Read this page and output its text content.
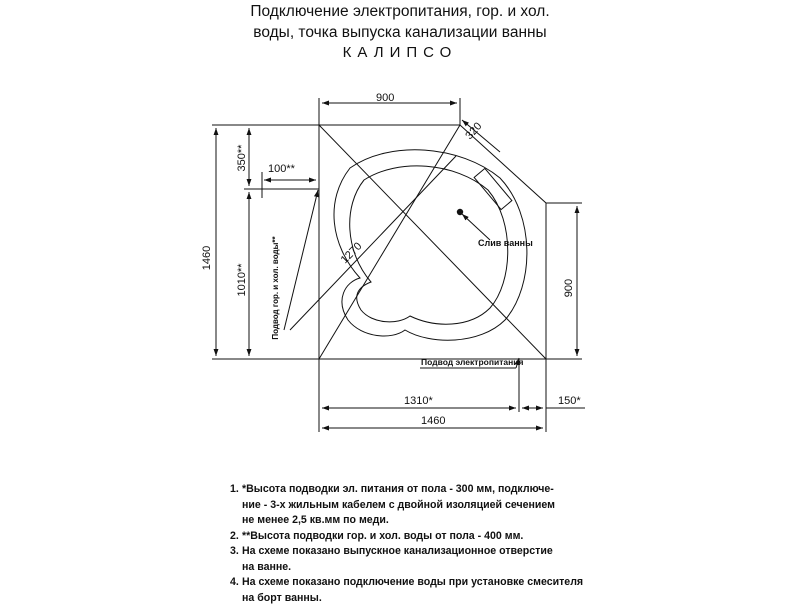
Подключение электропитания, гор. и хол.
воды, точка выпуска канализации ванны
КАЛИПСО
900
320
1460
350**
1010**
100**
1270
900
1310*	150*
1460
Слив ванны
Подвод электропитания
Подвод гор. и хол. воды**
1. *Высота подводки эл. питания от пола - 300 мм, подключе-
ние - 3-х жильным кабелем с двойной изоляцией сечением
не менее 2,5 кв.мм по меди.
2. **Высота подводки гор. и хол. воды от пола - 400 мм.
3. На схеме показано выпускное канализационное отверстие
на ванне.
4. На схеме показано подключение воды при установке смесителя
на борт ванны.
